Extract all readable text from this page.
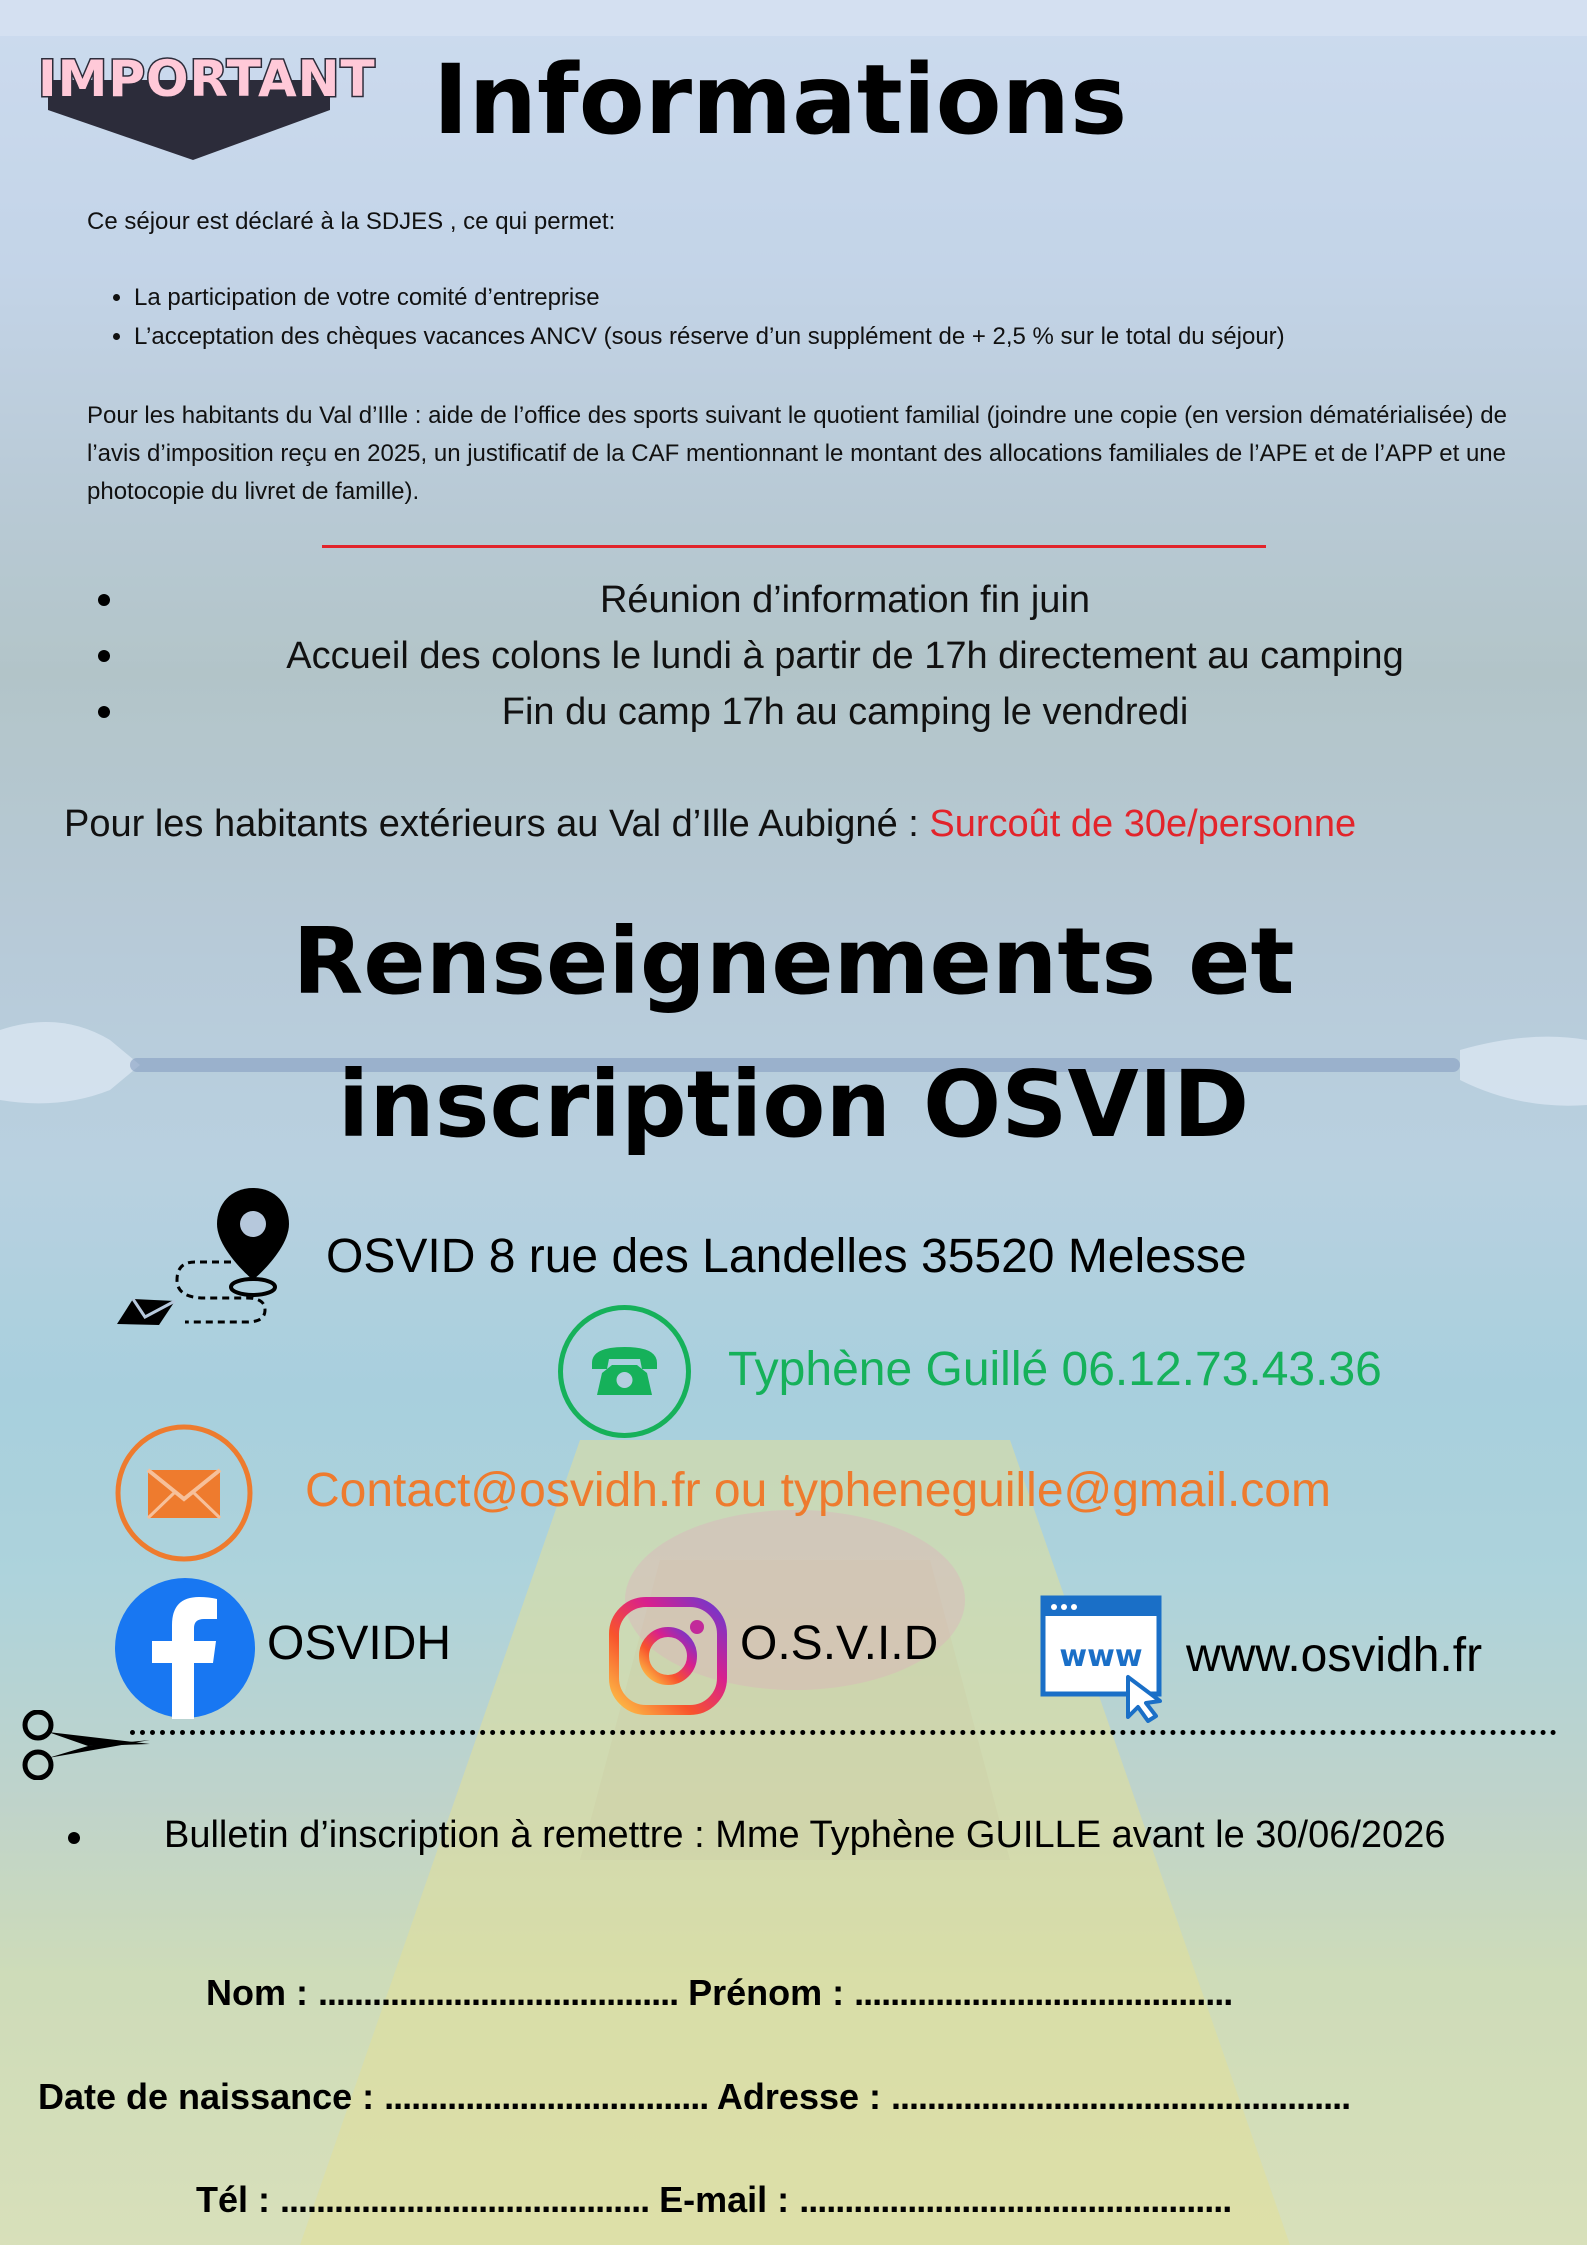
IMPORTANT Informations
Ce séjour est déclaré à la SDJES , ce qui permet:
• La participation de votre comité d’entreprise
• L’acceptation des chèques vacances ANCV (sous réserve d’un supplément de + 2,5 % sur le total du séjour)
Pour les habitants du Val d’Ille : aide de l’office des sports suivant le quotient familial (joindre une copie (en version dématérialisée) de l’avis d’imposition reçu en 2025, un justificatif de la CAF mentionnant le montant des allocations familiales de l’APE et de l’APP et une photocopie du livret de famille).
Réunion d’information fin juin
Accueil des colons le lundi à partir de 17h directement au camping
Fin du camp 17h au camping le vendredi
Pour les habitants extérieurs au Val d’Ille Aubigné : Surcoût de 30e/personne
Renseignements et
inscription OSVID
OSVID 8 rue des Landelles 35520 Melesse
Typhène Guillé 06.12.73.43.36
Contact@osvidh.fr ou typheneguille@gmail.com
OSVIDH	O.S.V.I.D	www www.osvidh.fr
Bulletin d’inscription à remettre : Mme Typhène GUILLE avant le 30/06/2026
Nom : ........................................ Prénom : ..........................................
Date de naissance : .................................... Adresse : ...................................................
Tél : ......................................... E-mail : ................................................
